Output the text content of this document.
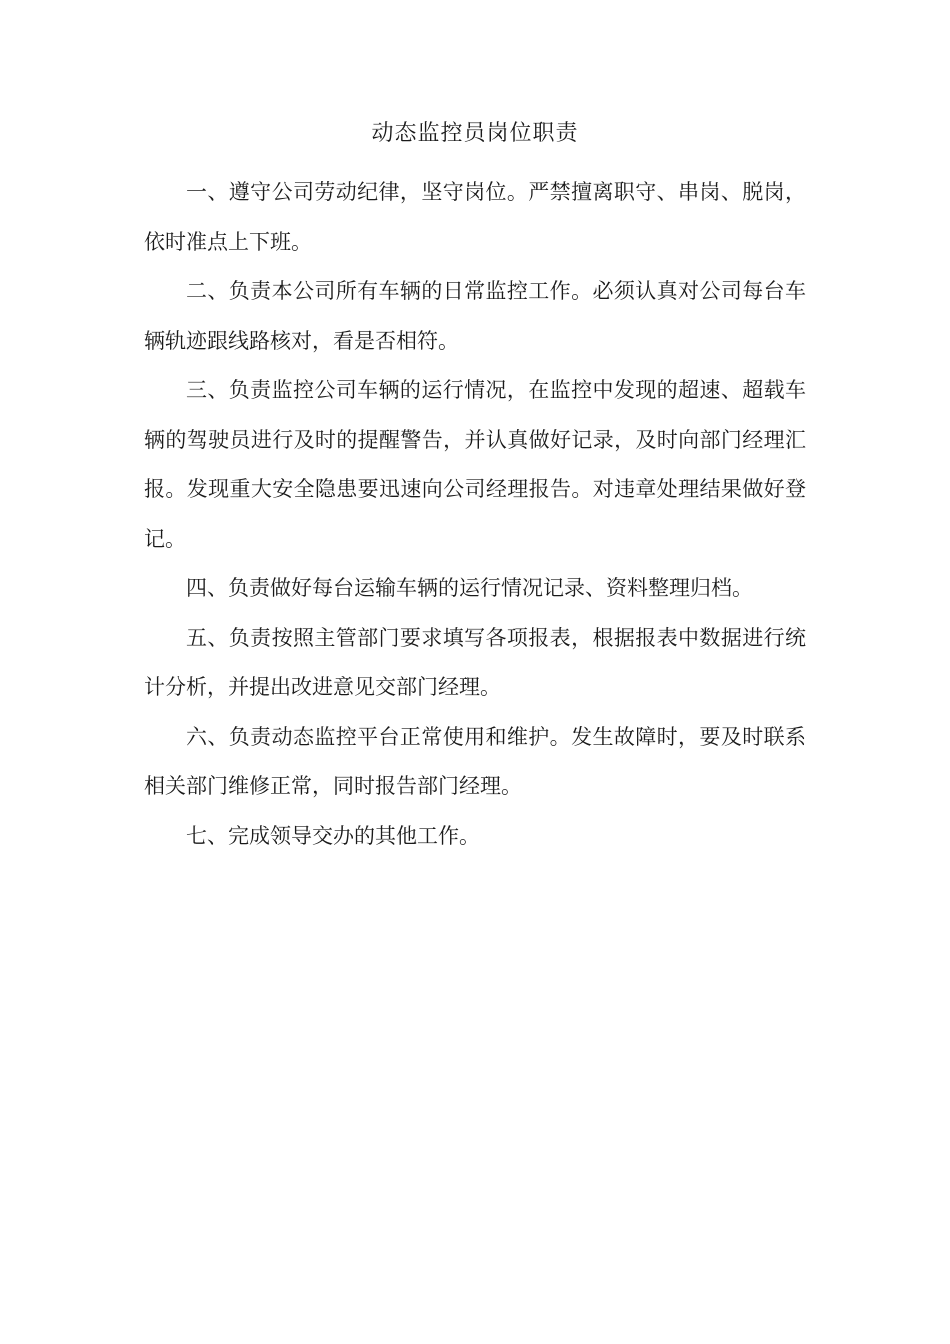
动态监控员岗位职责

一、遵守公司劳动纪律，坚守岗位。严禁擅离职守、串岗、脱岗，依时准点上下班。

二、负责本公司所有车辆的日常监控工作。必须认真对公司每台车辆轨迹跟线路核对，看是否相符。

三、负责监控公司车辆的运行情况，在监控中发现的超速、超载车辆的驾驶员进行及时的提醒警告，并认真做好记录，及时向部门经理汇报。发现重大安全隐患要迅速向公司经理报告。对违章处理结果做好登记。

四、负责做好每台运输车辆的运行情况记录、资料整理归档。

五、负责按照主管部门要求填写各项报表，根据报表中数据进行统计分析，并提出改进意见交部门经理。

六、负责动态监控平台正常使用和维护。发生故障时，要及时联系相关部门维修正常，同时报告部门经理。

七、完成领导交办的其他工作。
